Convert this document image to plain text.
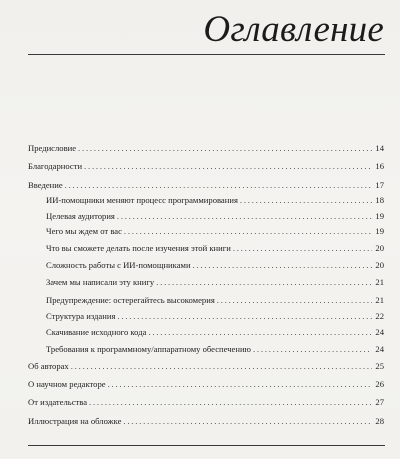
Оглавление
Предисловие .....	14
Благодарности .....	16
Введение .....	17
ИИ-помощники меняют процесс программирования .....	18
Целевая аудитория .....	19
Чего мы ждем от вас .....	19
Что вы сможете делать после изучения этой книги .....	20
Сложность работы с ИИ-помощниками .....	20
Зачем мы написали эту книгу .....	21
Предупреждение: остерегайтесь высокомерия .....	21
Структура издания .....	22
Скачивание исходного кода .....	24
Требования к программному/аппаратному обеспечению .....	24
Об авторах .....	25
О научном редакторе .....	26
От издательства .....	27
Иллюстрация на обложке .....	28
